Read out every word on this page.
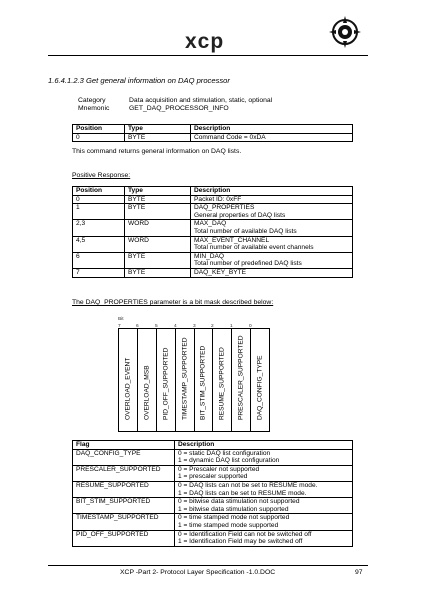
xcp
1.6.4.1.2.3 Get general information on DAQ processor
Category	Data acquisition and stimulation, static, optional
Mnemonic	GET_DAQ_PROCESSOR_INFO
Position	Type	Description
0	BYTE	Command Code = 0xDA
This command returns general information on DAQ lists.
Positive Response:
Position	Type	Description
0	BYTE	Packet ID: 0xFF

1	BYTE	DAQ_PROPERTIES
General properties of DAQ lists

2,3	WORD	MAX_DAQ
Total number of available DAQ lists

4,5	WORD	MAX_EVENT_CHANNEL
Total number of available event channels

6	BYTE	MIN_DAQ
Total number of predefined DAQ lists

7	BYTE	DAQ_KEY_BYTE
The DAQ_PROPERTIES parameter is a bit mask described below:
Bit
7	6	5	4	3	2	1	0
OVERLOAD_EVENT OVERLOAD_MSB PID_OFF_SUPPORTED TIMESTAMP_SUPPORTED BIT_STIM_SUPPORTED RESUME_SUPPORTED PRESCALER_SUPPORTED DAQ_CONFIG_TYPE
Flag	Description
DAQ_CONFIG_TYPE	0 = static DAQ list configuration
1 = dynamic DAQ list configuration

PRESCALER_SUPPORTED	0 = Prescaler not supported
1 = prescaler supported

RESUME_SUPPORTED	0 = DAQ lists can not be set to RESUME mode.
1 = DAQ lists can be set to RESUME mode.

BIT_STIM_SUPPORTED	0 = bitwise data stimulation not supported
1 = bitwise data stimulation supported

TIMESTAMP_SUPPORTED	0 = time stamped mode not supported
1 = time stamped mode supported

PID_OFF_SUPPORTED	0 = Identification Field can not be switched off
1 = Identification Field may be switched off
XCP -Part 2- Protocol Layer Specification -1.0.DOC	97
